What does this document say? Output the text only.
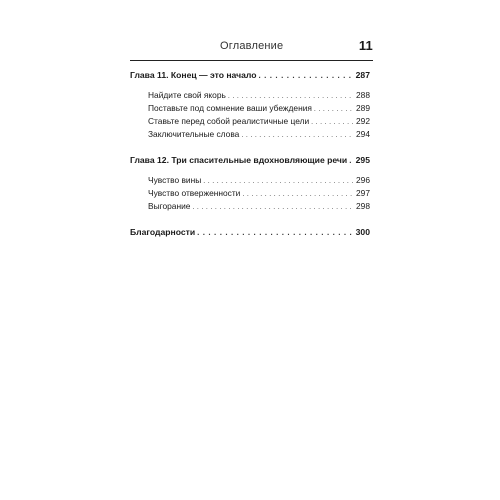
Оглавление	11
Глава 11. Конец — это начало . . .	287
Найдите свой якорь . . .	288
Поставьте под сомнение ваши убеждения . . .	289
Ставьте перед собой реалистичные цели . . .	292
Заключительные слова . . .	294
Глава 12. Три спасительные вдохновляющие речи . . . 295
Чувство вины . . .	296
Чувство отверженности . . .	297
Выгорание . . .	298
Благодарности . . .	300
